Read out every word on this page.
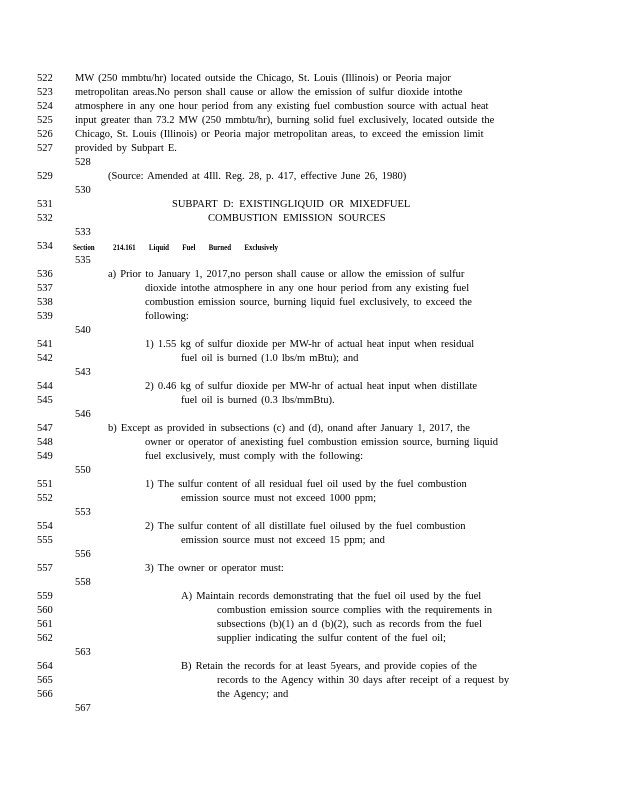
522 MW (250 mmbtu/hr) located outside the Chicago, St. Louis (Illinois) or Peoria major
523 metropolitan areas.No person shall cause or allow the emission of sulfur dioxide intothe
524 atmosphere in any one hour period from any existing fuel combustion source with actual heat
525 input greater than 73.2 MW (250 mmbtu/hr), burning solid fuel exclusively, located outside the
526 Chicago, St. Louis (Illinois) or Peoria major metropolitan areas, to exceed the emission limit
527 provided by Subpart E.
528
529	(Source: Amended at 4Ill. Reg. 28, p. 417, effective June 26, 1980)
530
531	SUBPART D: EXISTINGLIQUID OR MIXEDFUEL
532	COMBUSTION EMISSION SOURCES
533
534 Section 214.161 Liquid Fuel Burned Exclusively
535
536	a) Prior to January 1, 2017,no person shall cause or allow the emission of sulfur
537	dioxide intothe atmosphere in any one hour period from any existing fuel
538	combustion emission source, burning liquid fuel exclusively, to exceed the
539	following:
540
541	1) 1.55 kg of sulfur dioxide per MW-hr of actual heat input when residual
542	fuel oil is burned (1.0 lbs/m mBtu); and
543
544	2) 0.46 kg of sulfur dioxide per MW-hr of actual heat input when distillate
545	fuel oil is burned (0.3 lbs/mmBtu).
546
547	b) Except as provided in subsections (c) and (d), onand after January 1, 2017, the
548	owner or operator of anexisting fuel combustion emission source, burning liquid
549	fuel exclusively, must comply with the following:
550
551	1) The sulfur content of all residual fuel oil used by the fuel combustion
552	emission source must not exceed 1000 ppm;
553
554	2) The sulfur content of all distillate fuel oilused by the fuel combustion
555	emission source must not exceed 15 ppm; and
556
557	3) The owner or operator must:
558
559	A) Maintain records demonstrating that the fuel oil used by the fuel
560	combustion emission source complies with the requirements in
561	subsections (b)(1) an d (b)(2), such as records from the fuel
562	supplier indicating the sulfur content of the fuel oil;
563
564	B) Retain the records for at least 5years, and provide copies of the
565	records to the Agency within 30 days after receipt of a request by
566	the Agency; and
567
